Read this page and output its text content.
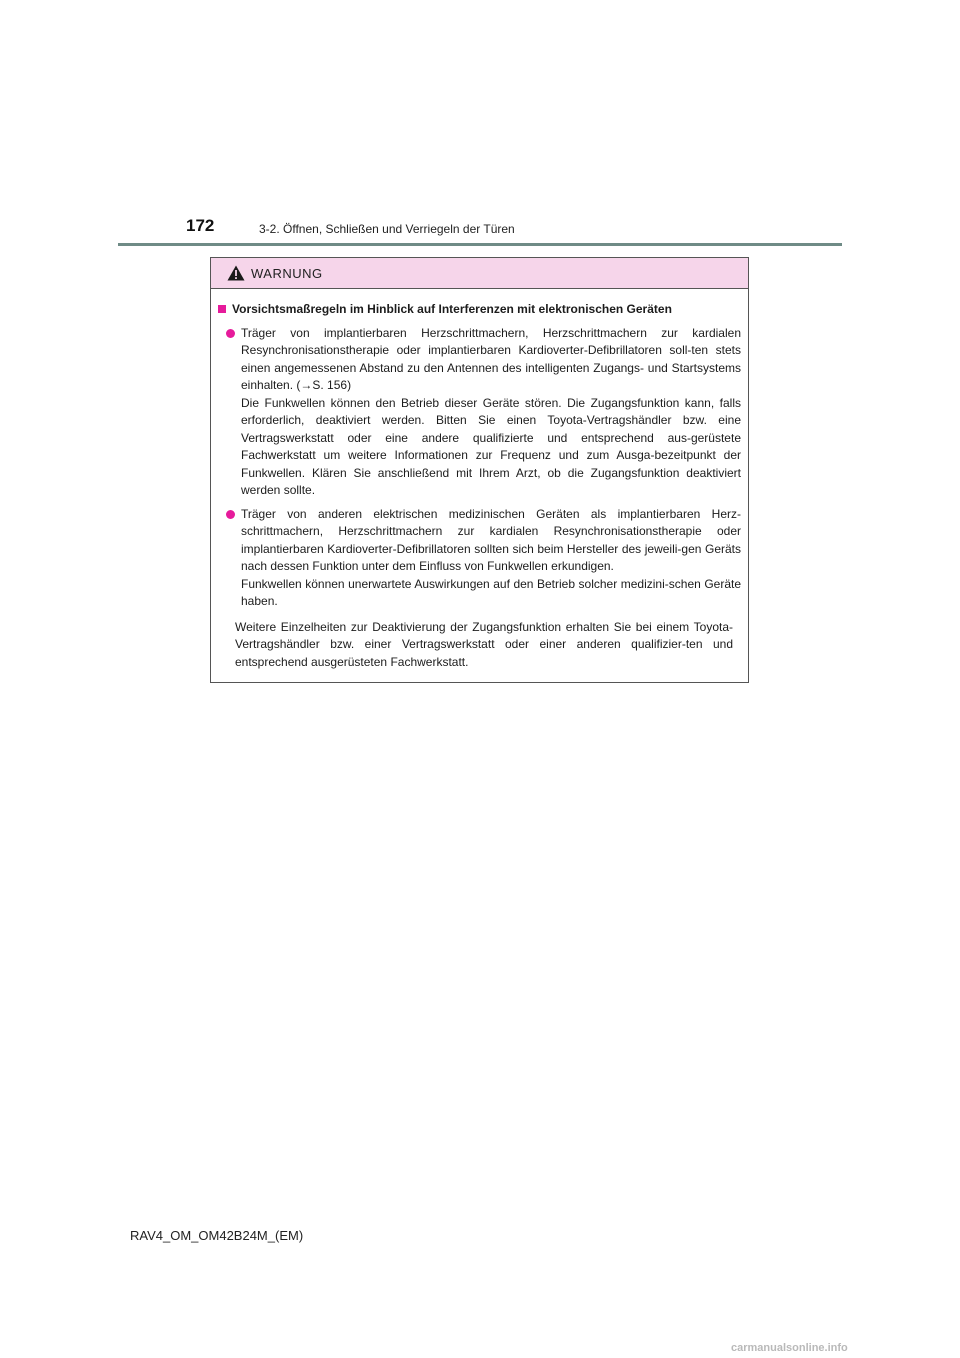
172	3-2. Öffnen, Schließen und Verriegeln der Türen
WARNUNG
Vorsichtsmaßregeln im Hinblick auf Interferenzen mit elektronischen Geräten

Träger von implantierbaren Herzschrittmachern, Herzschrittmachern zur kardialen Resynchronisationstherapie oder implantierbaren Kardioverter-Defibrillatoren soll-ten stets einen angemessenen Abstand zu den Antennen des intelligenten Zugangs- und Startsystems einhalten. (→S. 156)

Die Funkwellen können den Betrieb dieser Geräte stören. Die Zugangsfunktion kann, falls erforderlich, deaktiviert werden. Bitten Sie einen Toyota-Vertragshändler bzw. eine Vertragswerkstatt oder eine andere qualifizierte und entsprechend aus-gerüstete Fachwerkstatt um weitere Informationen zur Frequenz und zum Ausga-bezeitpunkt der Funkwellen. Klären Sie anschließend mit Ihrem Arzt, ob die Zugangsfunktion deaktiviert werden sollte.

Träger von anderen elektrischen medizinischen Geräten als implantierbaren Herz-schrittmachern, Herzschrittmachern zur kardialen Resynchronisationstherapie oder implantierbaren Kardioverter-Defibrillatoren sollten sich beim Hersteller des jeweili-gen Geräts nach dessen Funktion unter dem Einfluss von Funkwellen erkundigen.

Funkwellen können unerwartete Auswirkungen auf den Betrieb solcher medizini-schen Geräte haben.

Weitere Einzelheiten zur Deaktivierung der Zugangsfunktion erhalten Sie bei einem Toyota-Vertragshändler bzw. einer Vertragswerkstatt oder einer anderen qualifizier-ten und entsprechend ausgerüsteten Fachwerkstatt.

RAV4_OM_OM42B24M_(EM)
carmanualsonline.info
